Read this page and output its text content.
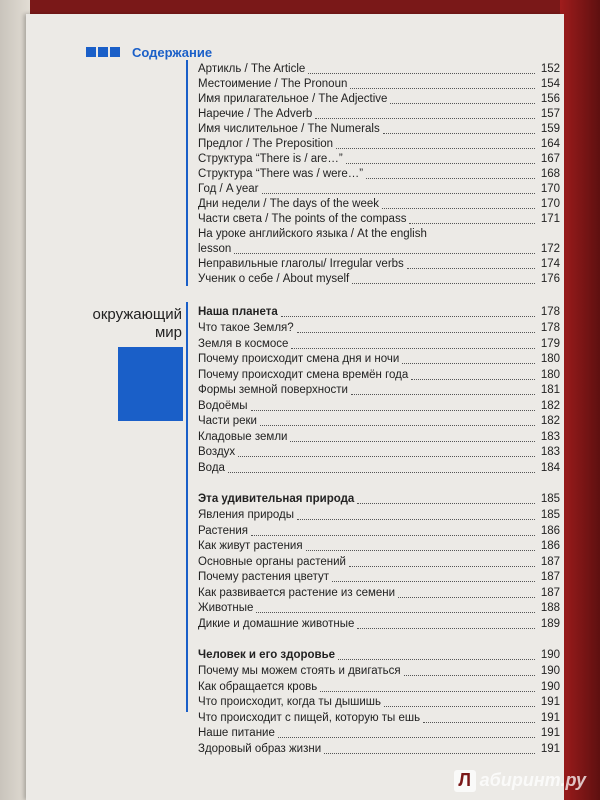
Содержание
окружающий
мир
Артикль / The Article	152
Местоимение / The Pronoun	154
Имя прилагательное / The Adjective	156
Наречие / The Adverb	157
Имя числительное / The Numerals	159
Предлог / The Preposition	164
Структура “There is / are…”	167
Структура “There was / were…”	168
Год / A year	170
Дни недели / The days of the week	170
Части света / The points of the compass	171
На уроке английского языка / At the english
lesson	172
Неправильные глаголы/ Irregular verbs	174
Ученик о себе / About myself	176
Наша планета	178
Что такое Земля?	178
Земля в космосе	179
Почему происходит смена дня и ночи	180
Почему происходит смена времён года	180
Формы земной поверхности	181
Водоёмы	182
Части реки	182
Кладовые земли	183
Воздух	183
Вода	184
Эта удивительная природа	185
Явления природы	185
Растения	186
Как живут растения	186
Основные органы растений	187
Почему растения цветут	187
Как развивается растение из семени	187
Животные	188
Дикие и домашние животные	189
Человек и его здоровье	190
Почему мы можем стоять и двигаться	190
Как обращается кровь	190
Что происходит, когда ты дышишь	191
Что происходит с пищей, которую ты ешь	191
Наше питание	191
Здоровый образ жизни	191
Л абиринт.ру
